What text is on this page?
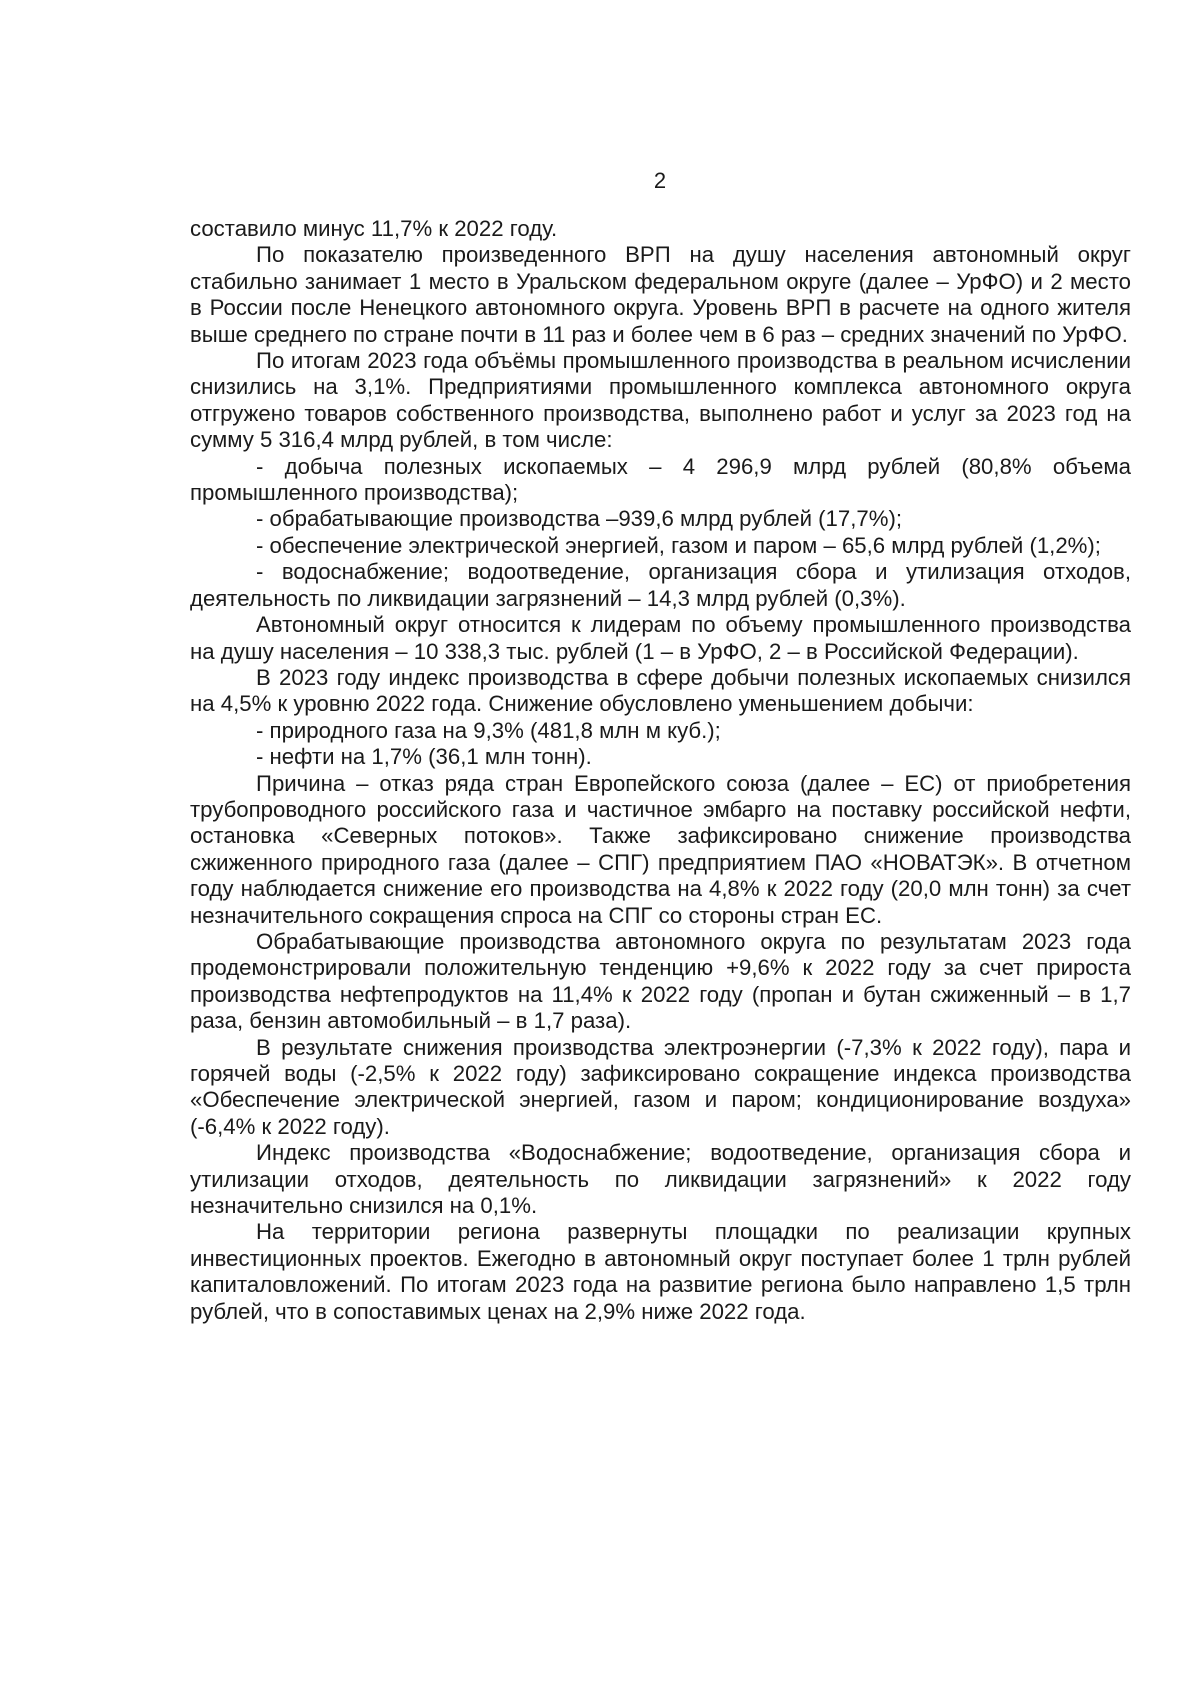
2

составило минус 11,7% к 2022 году.

По показателю произведенного ВРП на душу населения автономный округ стабильно занимает 1 место в Уральском федеральном округе (далее – УрФО) и 2 место в России после Ненецкого автономного округа. Уровень ВРП в расчете на одного жителя выше среднего по стране почти в 11 раз и более чем в 6 раз – средних значений по УрФО.

По итогам 2023 года объёмы промышленного производства в реальном исчислении снизились на 3,1%. Предприятиями промышленного комплекса автономного округа отгружено товаров собственного производства, выполнено работ и услуг за 2023 год на сумму 5 316,4 млрд рублей, в том числе:

- добыча полезных ископаемых – 4 296,9 млрд рублей (80,8% объема промышленного производства);

- обрабатывающие производства –939,6 млрд рублей (17,7%);

- обеспечение электрической энергией, газом и паром – 65,6 млрд рублей (1,2%);

- водоснабжение; водоотведение, организация сбора и утилизация отходов, деятельность по ликвидации загрязнений – 14,3 млрд рублей (0,3%).

Автономный округ относится к лидерам по объему промышленного производства на душу населения – 10 338,3 тыс. рублей (1 – в УрФО, 2 – в Российской Федерации).

В 2023 году индекс производства в сфере добычи полезных ископаемых снизился на 4,5% к уровню 2022 года. Снижение обусловлено уменьшением добычи:

- природного газа на 9,3% (481,8 млн м куб.);

- нефти на 1,7% (36,1 млн тонн).

Причина – отказ ряда стран Европейского союза (далее – ЕС) от приобретения трубопроводного российского газа и частичное эмбарго на поставку российской нефти, остановка «Северных потоков». Также зафиксировано снижение производства сжиженного природного газа (далее – СПГ) предприятием ПАО «НОВАТЭК». В отчетном году наблюдается снижение его производства на 4,8% к 2022 году (20,0 млн тонн) за счет незначительного сокращения спроса на СПГ со стороны стран ЕС.

Обрабатывающие производства автономного округа по результатам 2023 года продемонстрировали положительную тенденцию +9,6% к 2022 году за счет прироста производства нефтепродуктов на 11,4% к 2022 году (пропан и бутан сжиженный – в 1,7 раза, бензин автомобильный – в 1,7 раза).

В результате снижения производства электроэнергии (-7,3% к 2022 году), пара и горячей воды (-2,5% к 2022 году) зафиксировано сокращение индекса производства «Обеспечение электрической энергией, газом и паром; кондиционирование воздуха» (-6,4% к 2022 году).

Индекс производства «Водоснабжение; водоотведение, организация сбора и утилизации отходов, деятельность по ликвидации загрязнений» к 2022 году незначительно снизился на 0,1%.

На территории региона развернуты площадки по реализации крупных инвестиционных проектов. Ежегодно в автономный округ поступает более 1 трлн рублей капиталовложений. По итогам 2023 года на развитие региона было направлено 1,5 трлн рублей, что в сопоставимых ценах на 2,9% ниже 2022 года.
